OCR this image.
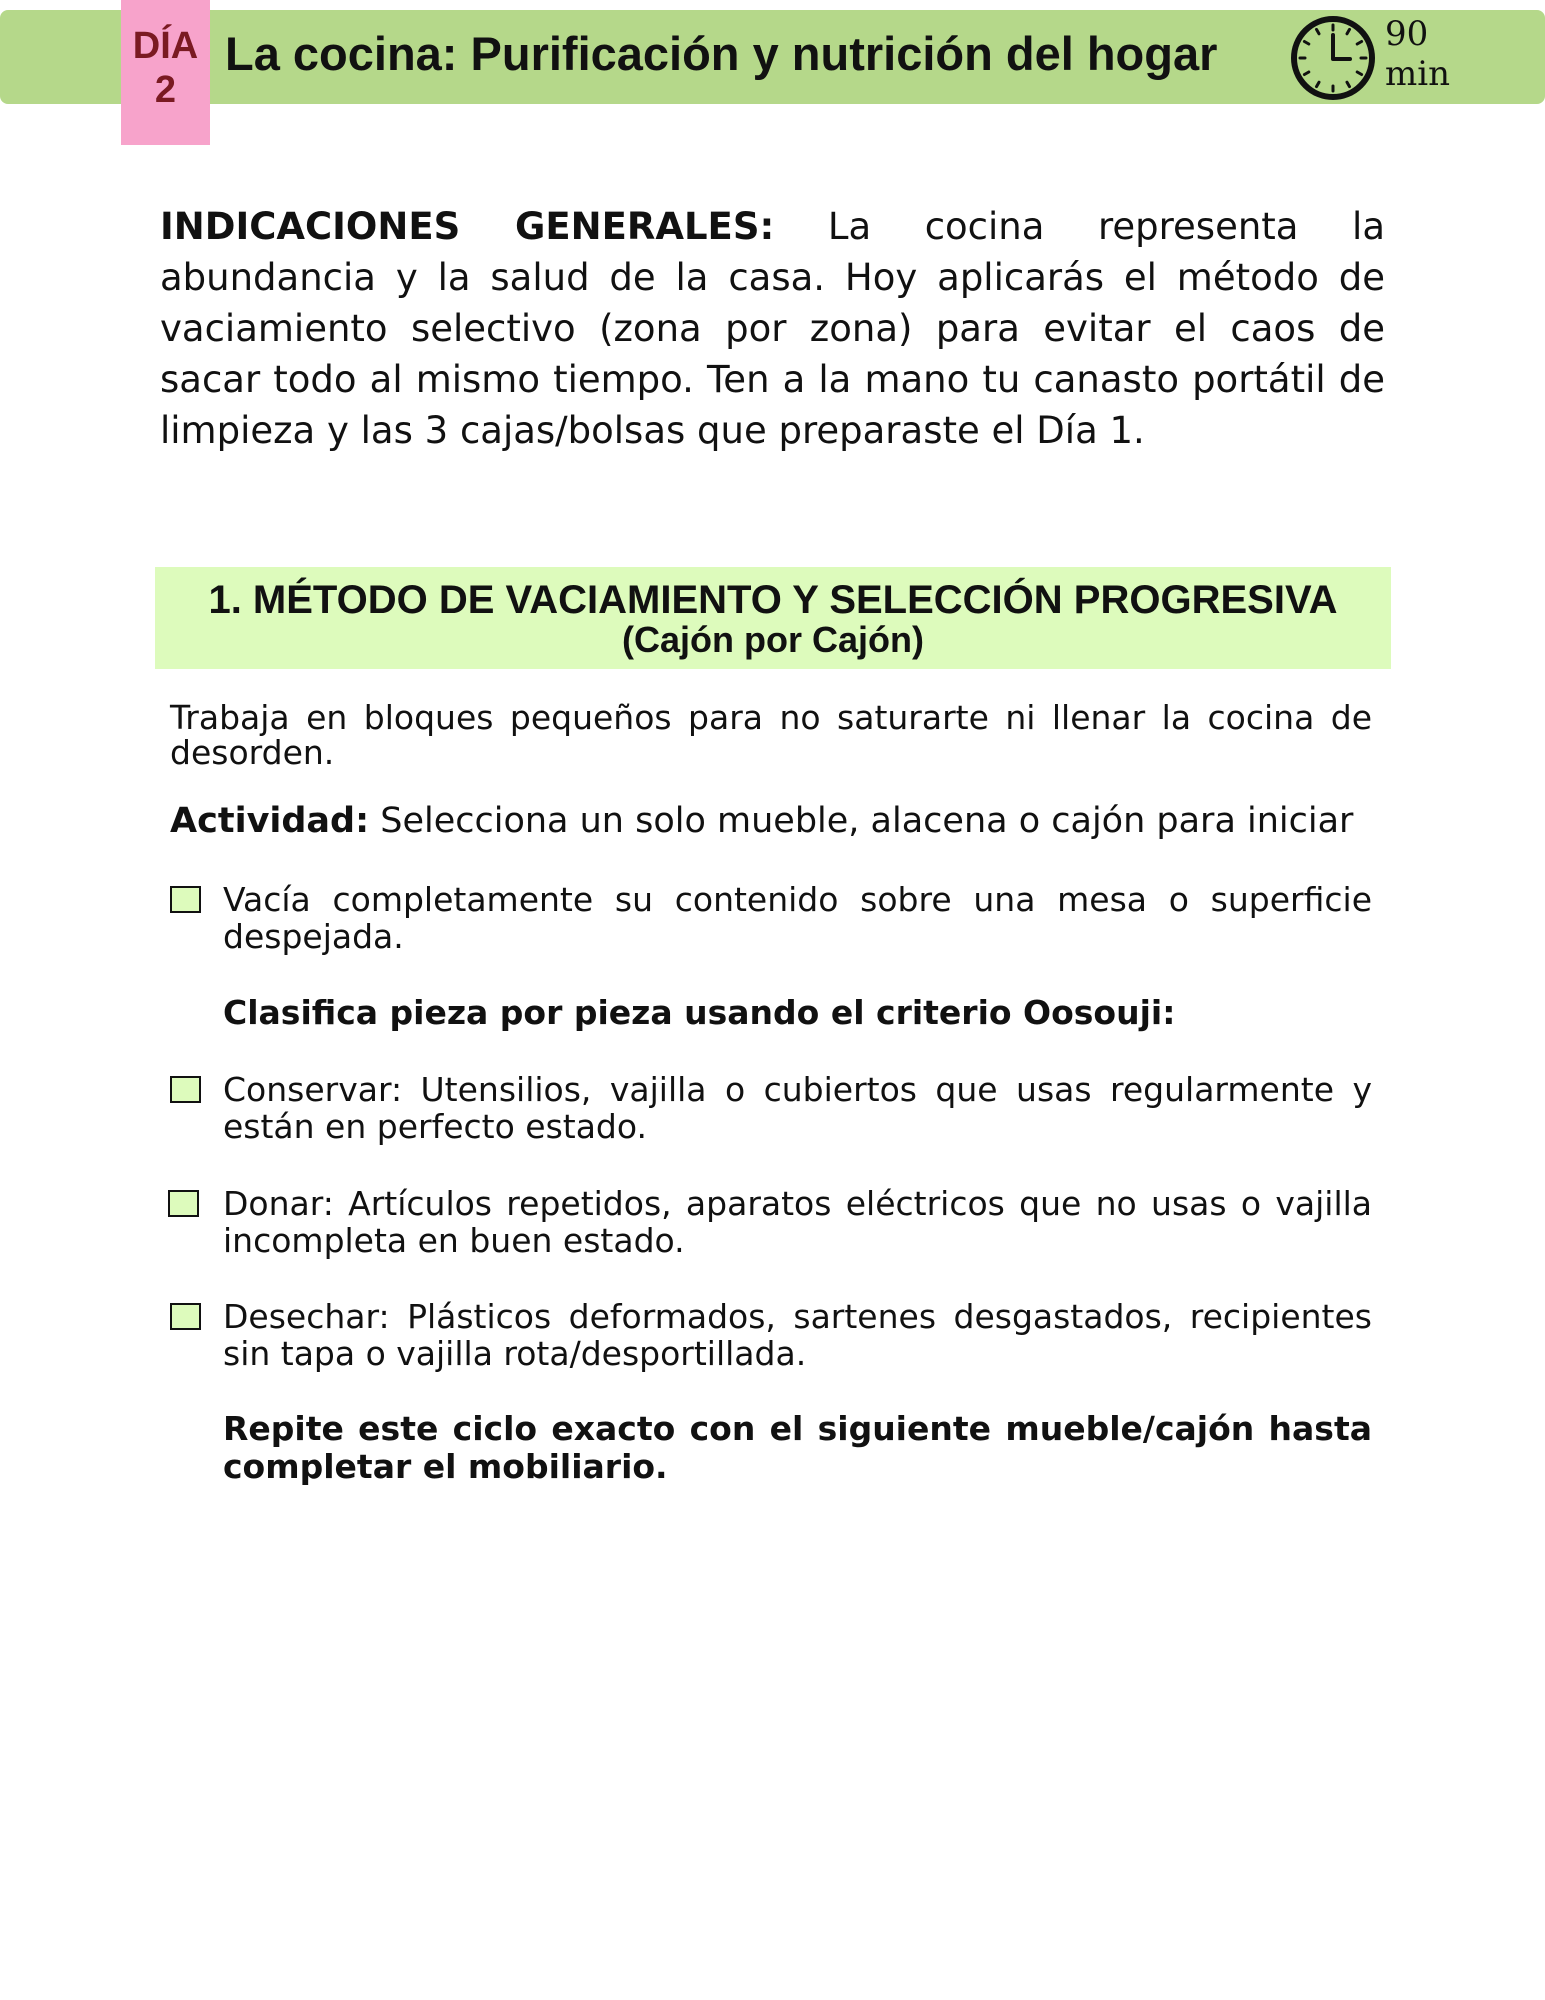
DÍA
2
La cocina: Purificación y nutrición del hogar	90
min

INDICACIONES GENERALES: La cocina representa la abundancia y la salud de la casa. Hoy aplicarás el método de vaciamiento selectivo (zona por zona) para evitar el caos de sacar todo al mismo tiempo. Ten a la mano tu canasto portátil de limpieza y las 3 cajas/bolsas que preparaste el Día 1.

1. MÉTODO DE VACIAMIENTO Y SELECCIÓN PROGRESIVA
(Cajón por Cajón)

Trabaja en bloques pequeños para no saturarte ni llenar la cocina de desorden.

Actividad: Selecciona un solo mueble, alacena o cajón para iniciar

Vacía completamente su contenido sobre una mesa o superficie despejada.

Clasifica pieza por pieza usando el criterio Oosouji:

Conservar: Utensilios, vajilla o cubiertos que usas regularmente y están en perfecto estado.

Donar: Artículos repetidos, aparatos eléctricos que no usas o vajilla incompleta en buen estado.

Desechar: Plásticos deformados, sartenes desgastados, recipientes sin tapa o vajilla rota/desportillada.

Repite este ciclo exacto con el siguiente mueble/cajón hasta completar el mobiliario.
